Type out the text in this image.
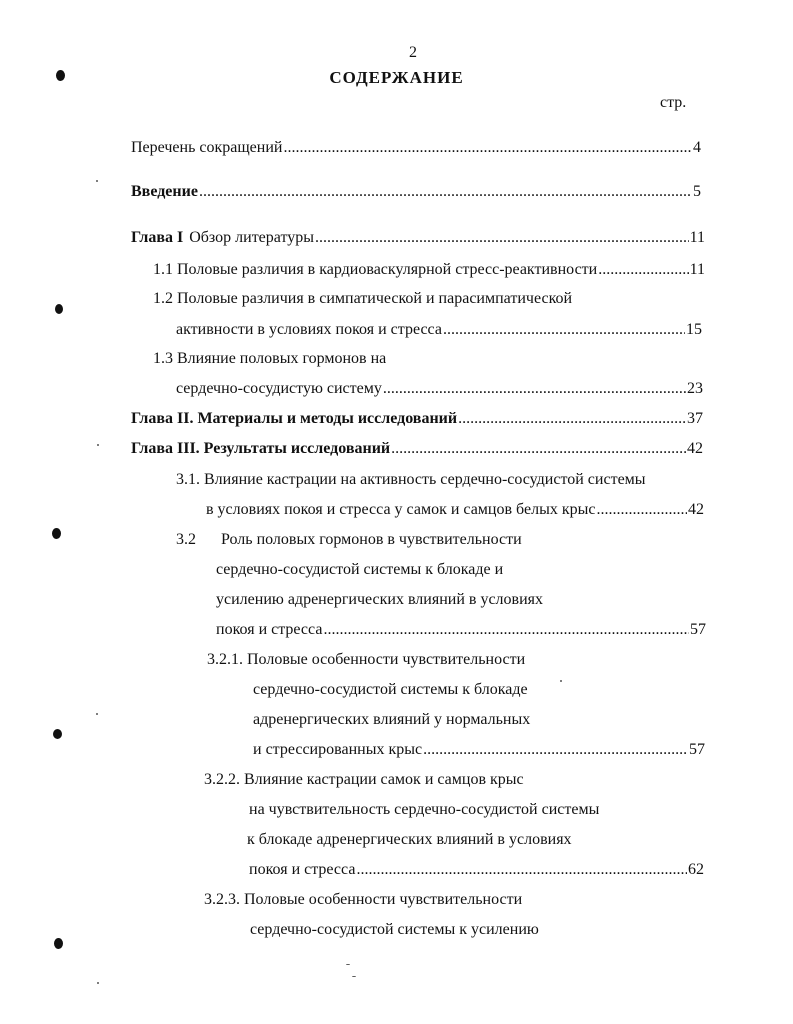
2
СОДЕРЖАНИЕ
стр.
Перечень сокращений .....	4
Введение .....	5
Глава I Обзор литературы .....	11
1.1 Половые различия в кардиоваскулярной стресс-реактивности .....	11
1.2 Половые различия в симпатической и парасимпатической
активности в условиях покоя и стресса .....	15
1.3 Влияние половых гормонов на
сердечно-сосудистую систему .....	23
Глава II. Материалы и методы исследований .....	37
Глава III. Результаты исследований .....	42
3.1. Влияние кастрации на активность сердечно-сосудистой системы
в условиях покоя и стресса у самок и самцов белых крыс .....	42
3.2 Роль половых гормонов в чувствительности
сердечно-сосудистой системы к блокаде и
усилению адренергических влияний в условиях
покоя и стресса .....	57
3.2.1. Половые особенности чувствительности
сердечно-сосудистой системы к блокаде
адренергических влияний у нормальных
и стрессированных крыс .....	57
3.2.2. Влияние кастрации самок и самцов крыс
на чувствительность сердечно-сосудистой системы
к блокаде адренергических влияний в условиях
покоя и стресса .....	62
3.2.3. Половые особенности чувствительности
сердечно-сосудистой системы к усилению
